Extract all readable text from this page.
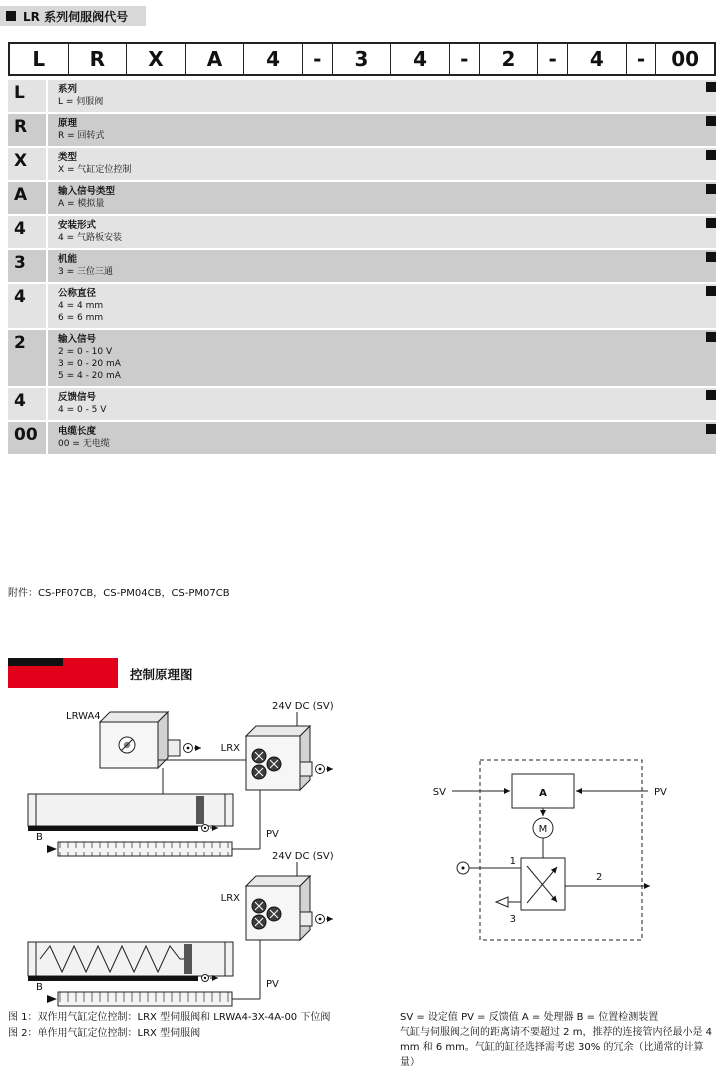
LR 系列伺服阀代号
L	R	X	A	4	-	3	4	-	2	-	4	-	00
L	系列
L = 伺服阀
R	原理
R = 回转式
X	类型
X = 气缸定位控制
A	输入信号类型
A = 模拟量
4	安装形式
4 = 气路板安装
3	机能
3 = 三位三通
4	公称直径
4 = 4 mm
6 = 6 mm
2	输入信号
2 = 0 - 10 V
3 = 0 - 20 mA
5 = 4 - 20 mA
4	反馈信号
4 = 0 - 5 V
00	电缆长度
00 = 无电缆
附件：CS-PF07CB，CS-PM04CB，CS-PM07CB
控制原理图
LRWA4
24V DC (SV)
LRX
PV
B
24V DC (SV)
LRX
PV
B
SV	PV
A
M
1
2
3
图 1：双作用气缸定位控制：LRX 型伺服阀和 LRWA4-3X-4A-00 下位阀
图 2：单作用气缸定位控制：LRX 型伺服阀
SV = 设定值 PV = 反馈值 A = 处理器 B = 位置检测装置
气缸与伺服阀之间的距离请不要超过 2 m，推荐的连接管内径最小是 4 mm 和 6 mm。气缸的缸径选择需考虑 30% 的冗余（比通常的计算量）
